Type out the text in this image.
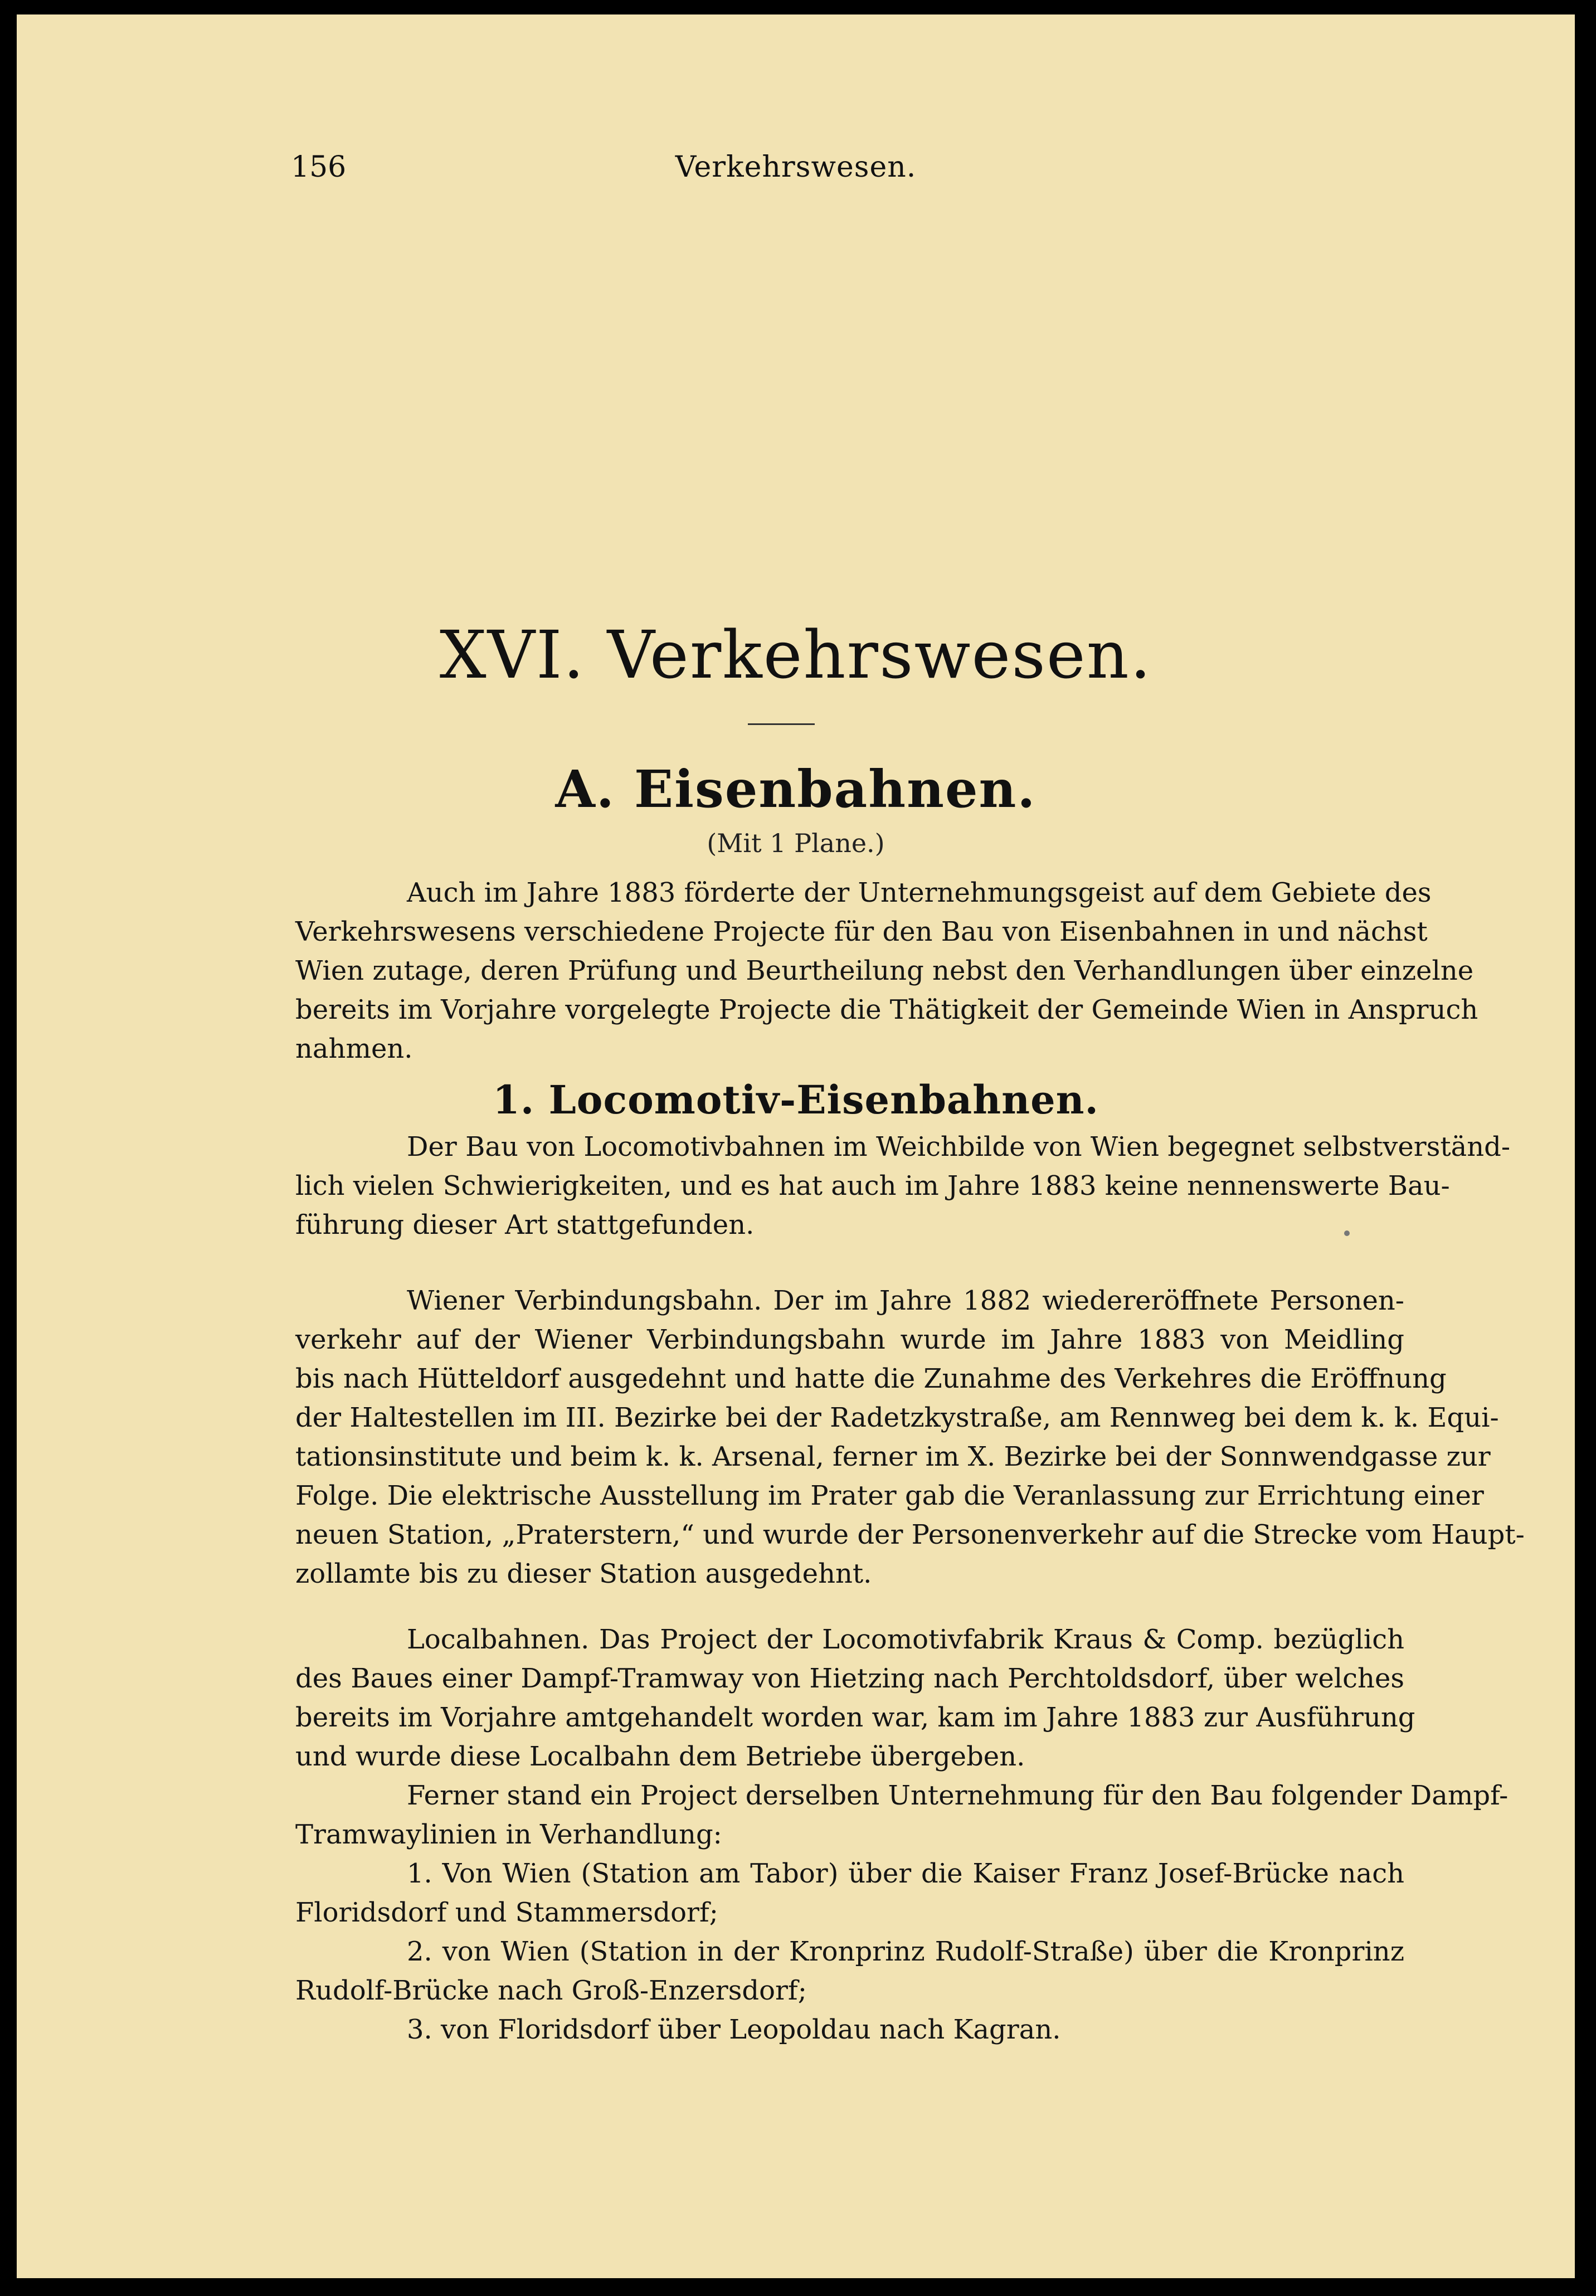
156	Verkehrswesen.
XVI. Verkehrswesen.
A. Eisenbahnen.
(Mit 1 Plane.)
Auch im Jahre 1883 förderte der Unternehmungsgeist auf dem Gebiete des
Verkehrswesens verschiedene Projecte für den Bau von Eisenbahnen in und nächst
Wien zutage, deren Prüfung und Beurtheilung nebst den Verhandlungen über einzelne
bereits im Vorjahre vorgelegte Projecte die Thätigkeit der Gemeinde Wien in Anspruch
nahmen.
1. Locomotiv-Eisenbahnen.
Der Bau von Locomotivbahnen im Weichbilde von Wien begegnet selbstverständ-
lich vielen Schwierigkeiten, und es hat auch im Jahre 1883 keine nennenswerte Bau-
führung dieser Art stattgefunden.
Wiener Verbindungsbahn. Der im Jahre 1882 wiedereröffnete Personen-
verkehr auf der Wiener Verbindungsbahn wurde im Jahre 1883 von Meidling
bis nach Hütteldorf ausgedehnt und hatte die Zunahme des Verkehres die Eröffnung
der Haltestellen im III. Bezirke bei der Radetzkystraße, am Rennweg bei dem k. k. Equi-
tationsinstitute und beim k. k. Arsenal, ferner im X. Bezirke bei der Sonnwendgasse zur
Folge. Die elektrische Ausstellung im Prater gab die Veranlassung zur Errichtung einer
neuen Station, „Praterstern,“ und wurde der Personenverkehr auf die Strecke vom Haupt-
zollamte bis zu dieser Station ausgedehnt.
Localbahnen. Das Project der Locomotivfabrik Kraus & Comp. bezüglich
des Baues einer Dampf-Tramway von Hietzing nach Perchtoldsdorf, über welches
bereits im Vorjahre amtgehandelt worden war, kam im Jahre 1883 zur Ausführung
und wurde diese Localbahn dem Betriebe übergeben.
Ferner stand ein Project derselben Unternehmung für den Bau folgender Dampf-
Tramwaylinien in Verhandlung:
1. Von Wien (Station am Tabor) über die Kaiser Franz Josef-Brücke nach
Floridsdorf und Stammersdorf;
2. von Wien (Station in der Kronprinz Rudolf-Straße) über die Kronprinz
Rudolf-Brücke nach Groß-Enzersdorf;
3. von Floridsdorf über Leopoldau nach Kagran.
